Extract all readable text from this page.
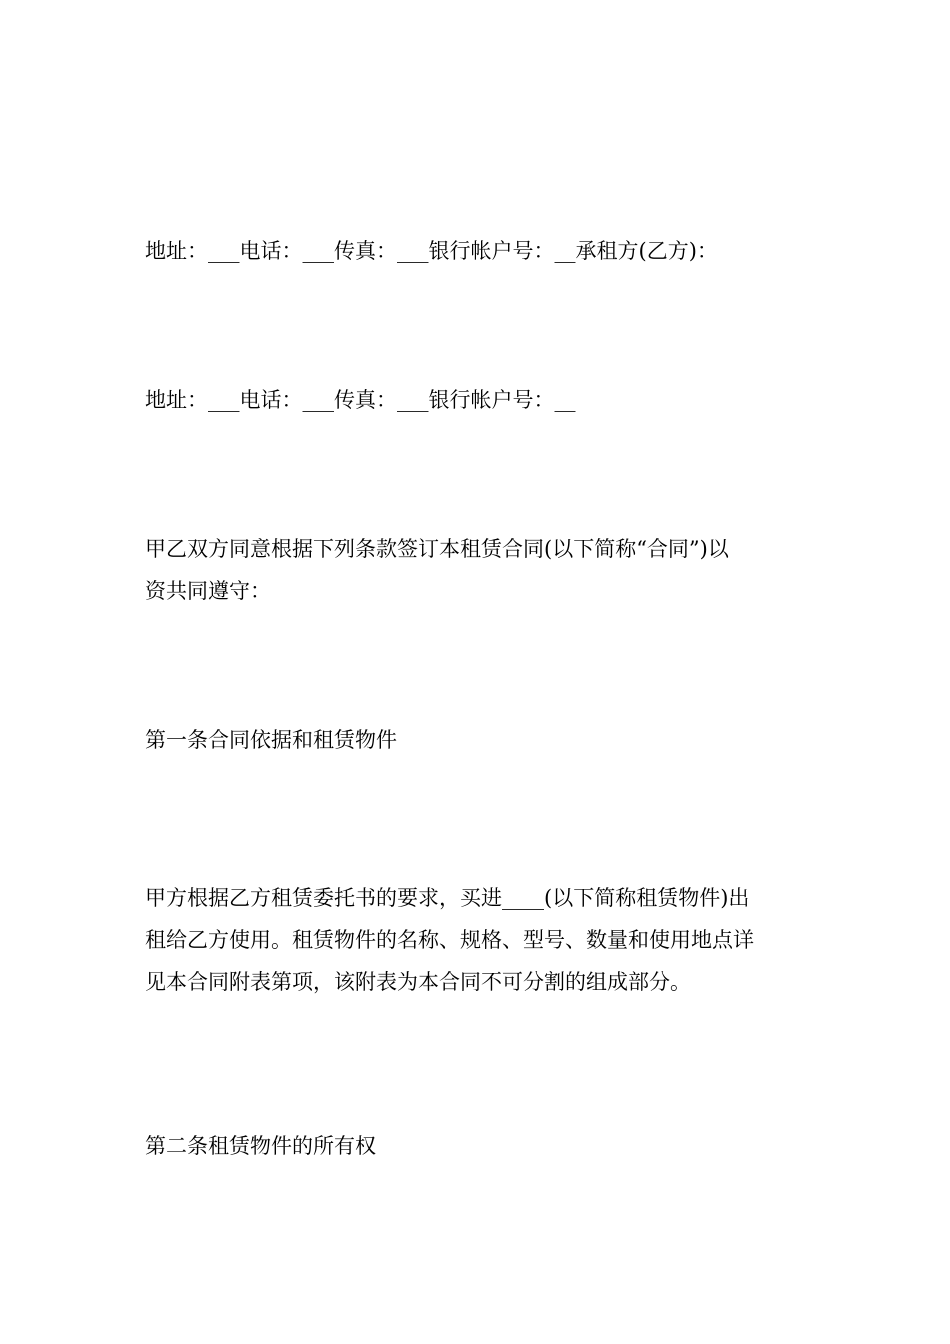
地址：___电话：___传真：___银行帐户号：__承租方(乙方)：

地址：___电话：___传真：___银行帐户号：__

甲乙双方同意根据下列条款签订本租赁合同(以下简称“合同”)以
资共同遵守：

第一条合同依据和租赁物件

甲方根据乙方租赁委托书的要求，买进____(以下简称租赁物件)出
租给乙方使用。租赁物件的名称、规格、型号、数量和使用地点详
见本合同附表第项，该附表为本合同不可分割的组成部分。

第二条租赁物件的所有权
